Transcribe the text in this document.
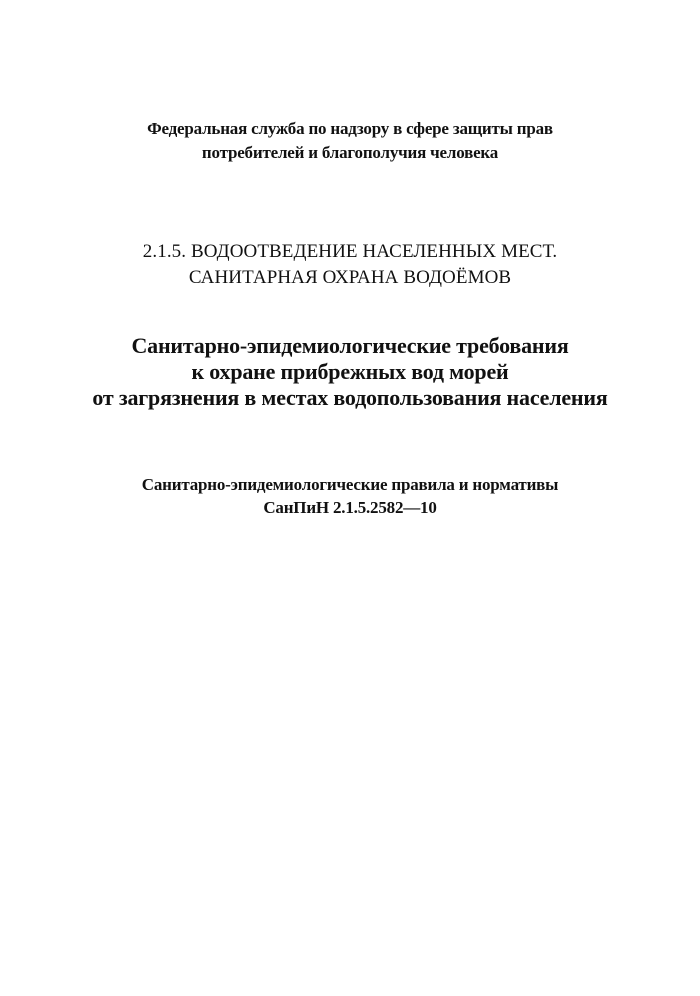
Федеральная служба по надзору в сфере защиты прав
потребителей и благополучия человека
2.1.5. ВОДООТВЕДЕНИЕ НАСЕЛЕННЫХ МЕСТ.
САНИТАРНАЯ ОХРАНА ВОДОЁМОВ
Санитарно-эпидемиологические требования
к охране прибрежных вод морей
от загрязнения в местах водопользования населения
Санитарно-эпидемиологические правила и нормативы
СанПиН 2.1.5.2582—10
